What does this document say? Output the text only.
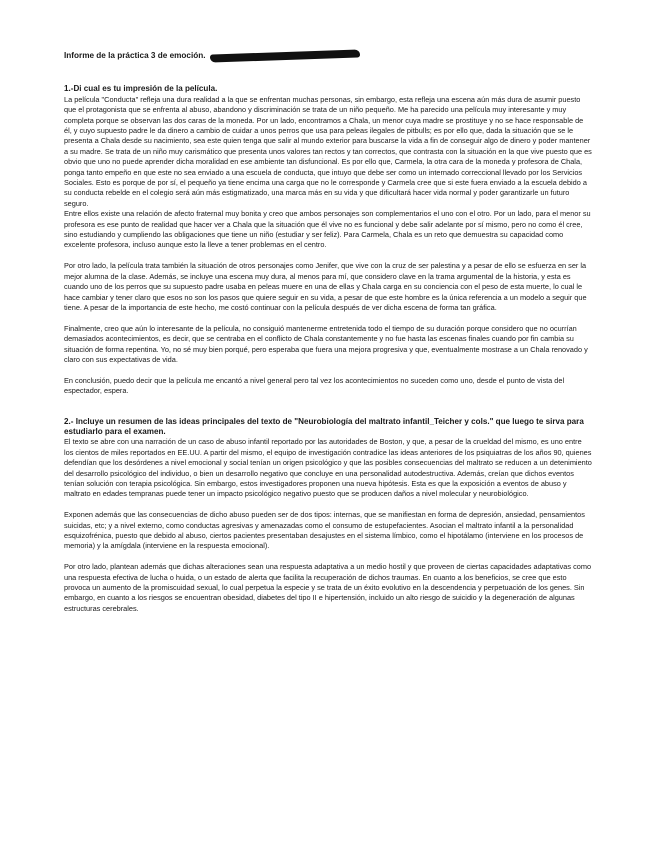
Informe de la práctica 3 de emoción.
1.-Di cual es tu impresión de la película.
La película "Conducta" refleja una dura realidad a la que se enfrentan muchas personas, sin embargo, esta refleja una escena aún más dura de asumir puesto que el protagonista que se enfrenta al abuso, abandono y discriminación se trata de un niño pequeño. Me ha parecido una película muy interesante y muy completa porque se observan las dos caras de la moneda. Por un lado, encontramos a Chala, un menor cuya madre se prostituye y no se hace responsable de él, y cuyo supuesto padre le da dinero a cambio de cuidar a unos perros que usa para peleas ilegales de pitbulls; es por ello que, dada la situación que se le presenta a Chala desde su nacimiento, sea este quien tenga que salir al mundo exterior para buscarse la vida a fin de conseguir algo de dinero y poder mantener a su madre. Se trata de un niño muy carismático que presenta unos valores tan rectos y tan correctos, que contrasta con la situación en la que vive puesto que es obvio que uno no puede aprender dicha moralidad en ese ambiente tan disfuncional. Es por ello que, Carmela, la otra cara de la moneda y profesora de Chala, ponga tanto empeño en que este no sea enviado a una escuela de conducta, que intuyo que debe ser como un internado correccional llevado por los Servicios Sociales. Esto es porque de por sí, el pequeño ya tiene encima una carga que no le corresponde y Carmela cree que si este fuera enviado a la escuela debido a su conducta rebelde en el colegio será aún más estigmatizado, una marca más en su vida y que dificultará hacer vida normal y poder garantizarle un futuro seguro.
Entre ellos existe una relación de afecto fraternal muy bonita y creo que ambos personajes son complementarios el uno con el otro. Por un lado, para el menor su profesora es ese punto de realidad que hacer ver a Chala que la situación que él vive no es funcional y debe salir adelante por sí mismo, pero no como él cree, sino estudiando y cumpliendo las obligaciones que tiene un niño (estudiar y ser feliz). Para Carmela, Chala es un reto que demuestra su capacidad como excelente profesora, incluso aunque esto la lleve a tener problemas en el centro.
Por otro lado, la película trata también la situación de otros personajes como Jenifer, que vive con la cruz de ser palestina y a pesar de ello se esfuerza en ser la mejor alumna de la clase. Además, se incluye una escena muy dura, al menos para mí, que considero clave en la trama argumental de la historia, y esta es cuando uno de los perros que su supuesto padre usaba en peleas muere en una de ellas y Chala carga en su conciencia con el peso de esta muerte, lo cual le hace cambiar y tener claro que esos no son los pasos que quiere seguir en su vida, a pesar de que este hombre es la única referencia a un modelo a seguir que tiene. A pesar de la importancia de este hecho, me costó continuar con la película después de ver dicha escena de forma tan gráfica.
Finalmente, creo que aún lo interesante de la película, no consiguió mantenerme entretenida todo el tiempo de su duración porque considero que no ocurrían demasiados acontecimientos, es decir, que se centraba en el conflicto de Chala constantemente y no fue hasta las escenas finales cuando por fin cambia su situación de forma repentina. Yo, no sé muy bien porqué, pero esperaba que fuera una mejora progresiva y que, eventualmente mostrase a un Chala renovado y claro con sus expectativas de vida.
En conclusión, puedo decir que la película me encantó a nivel general pero tal vez los acontecimientos no suceden como uno, desde el punto de vista del espectador, espera.
2.- Incluye un resumen de las ideas principales del texto de "Neurobiología del maltrato infantil_Teicher y cols." que luego te sirva para estudiarlo para el examen.
El texto se abre con una narración de un caso de abuso infantil reportado por las autoridades de Boston, y que, a pesar de la crueldad del mismo, es uno entre los cientos de miles reportados en EE.UU. A partir del mismo, el equipo de investigación contradice las ideas anteriores de los psiquiatras de los años 90, quienes defendían que los desórdenes a nivel emocional y social tenían un origen psicológico y que las posibles consecuencias del maltrato se reducen a un detenimiento del desarrollo psicológico del individuo, o bien un desarrollo negativo que concluye en una personalidad autodestructiva. Además, creían que dichos eventos tenían solución con terapia psicológica. Sin embargo, estos investigadores proponen una nueva hipótesis. Esta es que la exposición a eventos de abuso y maltrato en edades tempranas puede tener un impacto psicológico negativo puesto que se producen daños a nivel molecular y neurobiológico.
Exponen además que las consecuencias de dicho abuso pueden ser de dos tipos: internas, que se manifiestan en forma de depresión, ansiedad, pensamientos suicidas, etc; y a nivel externo, como conductas agresivas y amenazadas como el consumo de estupefacientes. Asocian el maltrato infantil a la personalidad esquizofrénica, puesto que debido al abuso, ciertos pacientes presentaban desajustes en el sistema límbico, como el hipotálamo (interviene en los procesos de memoria) y la amígdala (interviene en la respuesta emocional).
Por otro lado, plantean además que dichas alteraciones sean una respuesta adaptativa a un medio hostil y que proveen de ciertas capacidades adaptativas como una respuesta efectiva de lucha o huida, o un estado de alerta que facilita la recuperación de dichos traumas. En cuanto a los beneficios, se cree que esto provoca un aumento de la promiscuidad sexual, lo cual perpetua la especie y se trata de un éxito evolutivo en la descendencia y perpetuación de los genes. Sin embargo, en cuanto a los riesgos se encuentran obesidad, diabetes del tipo II e hipertensión, incluido un alto riesgo de suicidio y la degeneración de algunas estructuras cerebrales.
